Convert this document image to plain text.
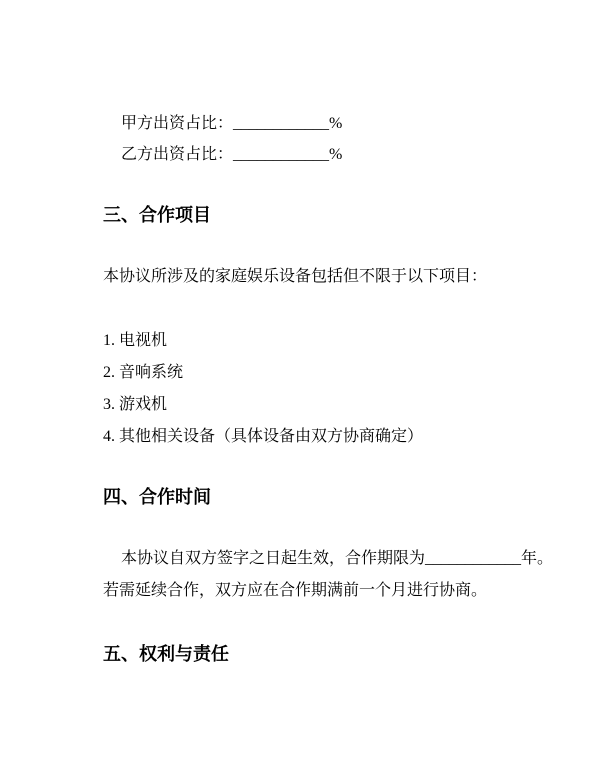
甲方出资占比：____________%
乙方出资占比：____________%
三、合作项目
本协议所涉及的家庭娱乐设备包括但不限于以下项目：
1. 电视机
2. 音响系统
3. 游戏机
4. 其他相关设备（具体设备由双方协商确定）
四、合作时间
本协议自双方签字之日起生效，合作期限为____________年。
若需延续合作，双方应在合作期满前一个月进行协商。
五、权利与责任
